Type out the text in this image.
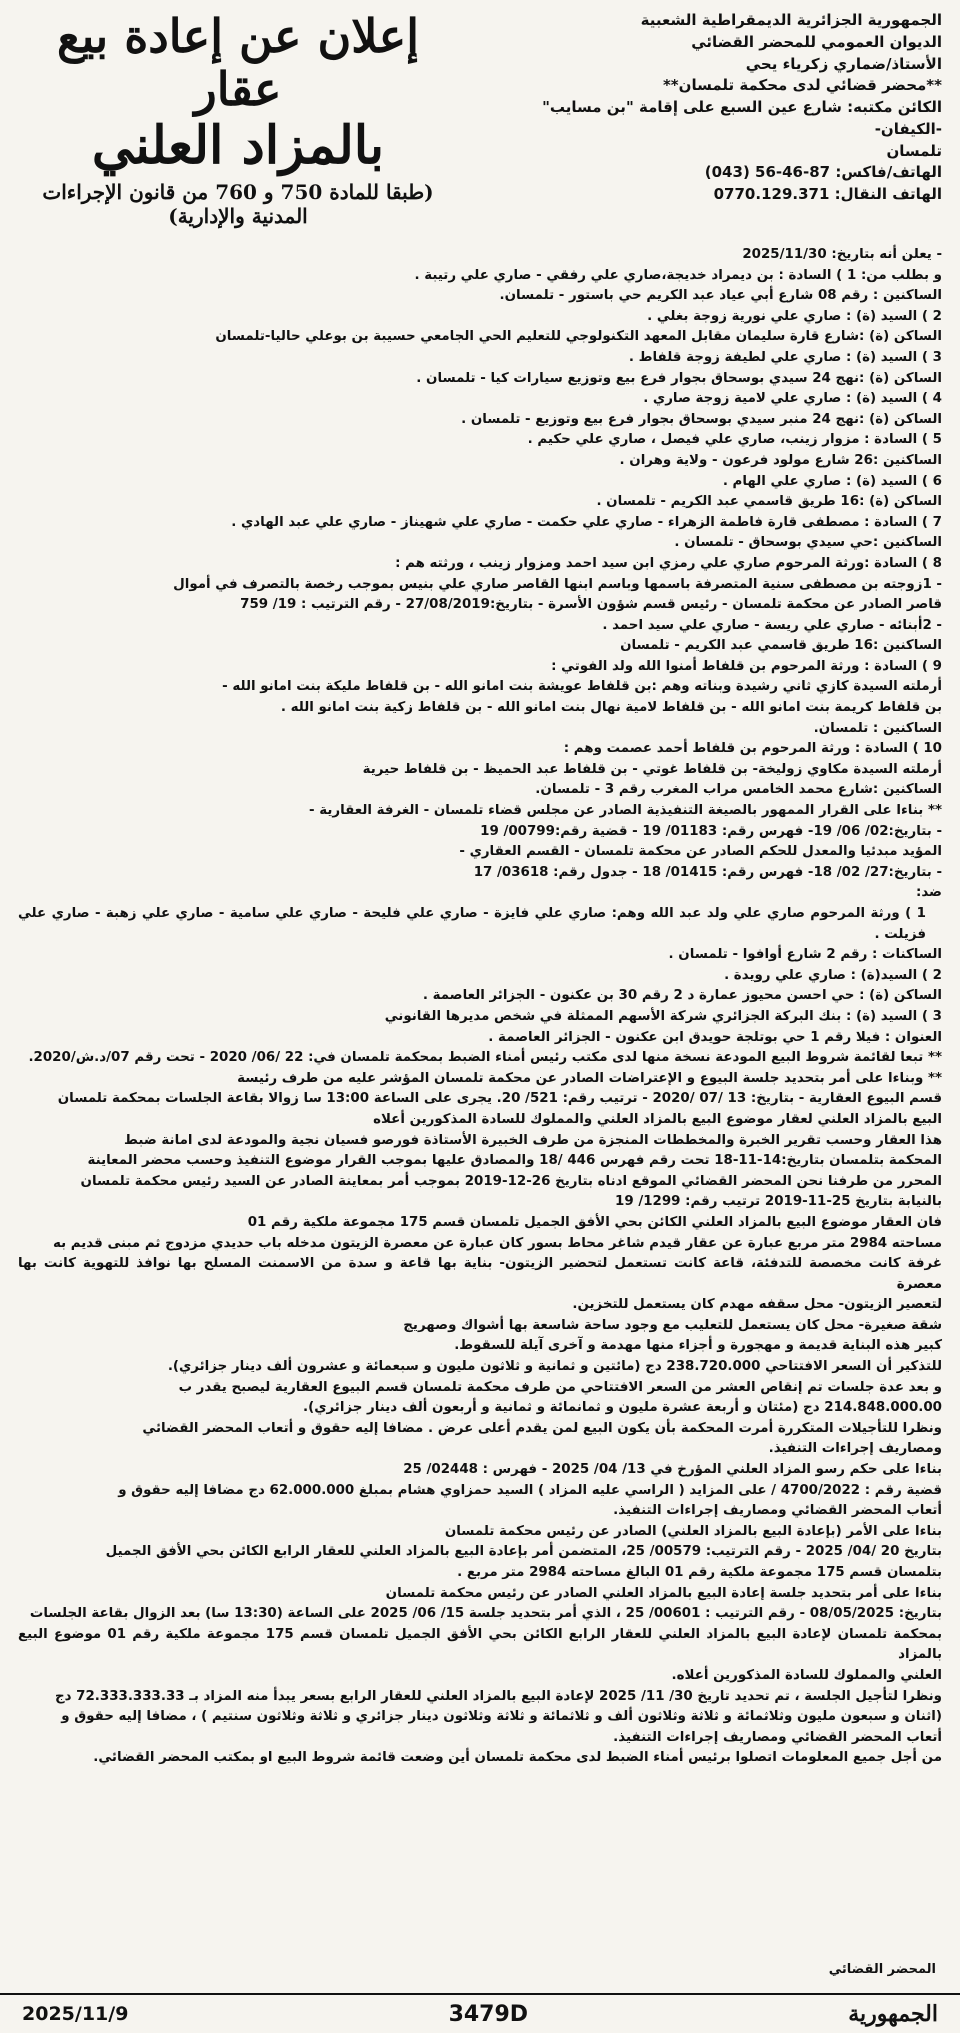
الجمهورية الجزائرية الديمقراطية الشعبية
الديوان العمومي للمحضر القضائي
الأستاذ/ضماري زكرياء يحي
**محضر قضائي لدى محكمة تلمسان**
الكائن مكتبه: شارع عين السبع على إقامة "بن مسايب" -الكيفان-
تلمسان
الهاتف/فاكس: 87-46-56 (043)
الهاتف النقال: 0770.129.371
إعلان عن إعادة بيع عقار
بالمزاد العلني
(طبقا للمادة 750 و 760 من قانون الإجراءات المدنية والإدارية)

- يعلن أنه بتاريخ: 2025/11/30

و بطلب من: 1 ) السادة : بن ديمراد خديجة،صاري علي رفقي - صاري علي رتيبة .

الساكنين : رقم 08 شارع أبي عياد عبد الكريم حي باستور - تلمسان.

2 ) السيد (ة) : صاري علي نورية زوجة بغلي .

الساكن (ة) :شارع قارة سليمان مقابل المعهد التكنولوجي للتعليم الحي الجامعي حسيبة بن بوعلي حاليا-تلمسان

3 ) السيد (ة) : صاري علي لطيفة زوجة قلفاط .

الساكن (ة) :نهج 24 سيدي بوسحاق بجوار فرع بيع وتوزيع سيارات كيا - تلمسان .

4 ) السيد (ة) : صاري علي لامية زوجة صاري .

الساكن (ة) :نهج 24 منبر سيدي بوسحاق بجوار فرع بيع وتوزيع - تلمسان .

5 ) السادة : مزوار زينب، صاري علي فيصل ، صاري علي حكيم .

الساكنين :26 شارع مولود فرعون - ولاية وهران .

6 ) السيد (ة) : صاري علي الهام .

الساكن (ة) :16 طريق قاسمي عبد الكريم - تلمسان .

7 ) السادة : مصطفى قارة فاطمة الزهراء - صاري علي حكمت - صاري علي شهيناز - صاري علي عبد الهادي .

الساكنين :حي سيدي بوسحاق - تلمسان .

8 ) السادة :ورثة المرحوم صاري علي رمزي ابن سيد احمد ومزوار زينب ، ورثته هم :

- 1زوجته بن مصطفى سنية المتصرفة باسمها وباسم ابنها القاصر صاري علي بنيس بموجب رخصة بالتصرف في أموال

قاصر الصادر عن محكمة تلمسان - رئيس قسم شؤون الأسرة - بتاريخ:27/08/2019 - رقم الترتيب : 19/ 759

- 2أبنائه - صاري علي ريسة - صاري علي سيد احمد .

الساكنين :16 طريق قاسمي عبد الكريم - تلمسان

9 ) السادة : ورثة المرحوم بن قلفاط أمنوا الله ولد الفوتي :

أرملته السيدة كازي ثاني رشيدة وبناته وهم :بن قلفاط عويشة بنت امانو الله - بن قلفاط مليكة بنت امانو الله -

بن قلفاط كريمة بنت امانو الله - بن قلفاط لامية نهال بنت امانو الله - بن قلفاط زكية بنت امانو الله .

الساكنين : تلمسان.

10 ) السادة : ورثة المرحوم بن قلفاط أحمد عصمت وهم :

أرملته السيدة مكاوي زوليخة- بن قلفاط غوتي - بن قلفاط عبد الحميظ - بن قلفاط حيرية

الساكنين :شارع محمد الخامس مراب المغرب رقم 3 - تلمسان.

** بناءا على القرار الممهور بالصيغة التنفيذية الصادر عن مجلس قضاء تلمسان - الغرفة العقارية -

- بتاريخ:02/ 06/ 19- فهرس رقم: 01183/ 19 - قضية رقم:00799/ 19

المؤيد مبدئيا والمعدل للحكم الصادر عن محكمة تلمسان - القسم العقاري -

- بتاريخ:27/ 02/ 18- فهرس رقم: 01415/ 18 - جدول رقم: 03618/ 17

ضد:

1 ) ورثة المرحوم صاري علي ولد عبد الله وهم: صاري علي فايزة - صاري علي فليحة - صاري علي سامية - صاري علي زهبة - صاري علي فزيلت .

الساكنات : رقم 2 شارع أوافوا - تلمسان .

2 ) السيد(ة) : صاري علي رويدة .

الساكن (ة) : حي احسن محيوز عمارة د 2 رقم 30 بن عكنون - الجزائر العاصمة .

3 ) السيد (ة) : بنك البركة الجزائري شركة الأسهم الممثلة في شخص مديرها القانوني

العنوان : فيلا رقم 1 حي بوتلجة حويدق ابن عكنون - الجزائر العاصمة .

** تبعا لقائمة شروط البيع المودعة نسخة منها لدى مكتب رئيس أمناء الضبط بمحكمة تلمسان في: 22 /06/ 2020 - تحت رقم 07/د.ش/2020.

** وبناءا على أمر بتحديد جلسة البيوع و الإعتراضات الصادر عن محكمة تلمسان المؤشر عليه من طرف رئيسة

قسم البيوع العقارية - بتاريخ: 13 /07 /2020 - ترتيب رقم: 521/ 20. يجرى على الساعة 13:00 سا زوالا بقاعة الجلسات بمحكمة تلمسان

البيع بالمزاد العلني لعقار موضوع البيع بالمزاد العلني والمملوك للسادة المذكورين أعلاه

هذا العقار وحسب تقرير الخبرة والمخططات المنجزة من طرف الخبيرة الأستاذة فورصو فسيان نجية والمودعة لدى امانة ضبط

المحكمة بتلمسان بتاريخ:14-11-18 تحت رقم فهرس 446 /18 والمصادق عليها بموجب القرار موضوع التنفيذ وحسب محضر المعاينة

المحرر من طرفنا نحن المحضر القضائي الموقع ادناه بتاريخ 26-12-2019 بموجب أمر بمعاينة الصادر عن السيد رئيس محكمة تلمسان

بالنيابة بتاريخ 25-11-2019 ترتيب رقم: 1299/ 19

فان العقار موضوع البيع بالمزاد العلني الكائن بحي الأفق الجميل تلمسان قسم 175 مجموعة ملكية رقم 01

مساحته 2984 متر مربع عبارة عن عقار قيدم شاغر محاط بسور كان عبارة عن معصرة الزيتون مدخله باب حديدي مزدوج ثم مبنى قديم به

غرفة كانت مخصصة للتدفئة، قاعة كانت تستعمل لتحضير الزيتون- بناية بها قاعة و سدة من الاسمنت المسلح بها نوافذ للتهوية كانت بها معصرة

لتعصير الزيتون- محل سقفه مهدم كان يستعمل للتخزين.

شقة صغيرة- محل كان يستعمل للتعليب مع وجود ساحة شاسعة بها أشواك وصهريج

كبير هذه البناية قديمة و مهجورة و أجزاء منها مهدمة و آخرى آيلة للسقوط.

للتذكير أن السعر الافتتاحي 238.720.000 دج (مائتين و ثمانية و ثلاثون مليون و سبعمائة و عشرون ألف دينار جزائري).

و بعد عدة جلسات تم إنقاص العشر من السعر الافتتاحي من طرف محكمة تلمسان قسم البيوع العقارية ليصبح يقدر ب

214.848.000.00 دج (مئتان و أربعة عشرة مليون و ثمانمائة و ثمانية و أربعون ألف دينار جزائري).

ونظرا للتأجيلات المتكررة أمرت المحكمة بأن يكون البيع لمن يقدم أعلى عرض . مضافا إليه حقوق و أتعاب المحضر القضائي

ومصاريف إجراءات التنفيذ.

بناءا على حكم رسو المزاد العلني المؤرخ في 13/ 04/ 2025 - فهرس : 02448/ 25

قضية رقم : 4700/2022 / على المزايد ( الراسي عليه المزاد ) السيد حمزاوي هشام بمبلغ 62.000.000 دج مضافا إليه حقوق و

أتعاب المحضر القضائي ومصاريف إجراءات التنفيذ.

بناءا على الأمر (بإعادة البيع بالمزاد العلني) الصادر عن رئيس محكمة تلمسان

بتاريخ 20 /04/ 2025 - رقم الترتيب: 00579/ 25، المتضمن أمر بإعادة البيع بالمزاد العلني للعقار الرابع الكائن بحي الأفق الجميل

بتلمسان قسم 175 مجموعة ملكية رقم 01 البالغ مساحته 2984 متر مربع .

بناءا على أمر بتحديد جلسة إعادة البيع بالمزاد العلني الصادر عن رئيس محكمة تلمسان

بتاريخ: 08/05/2025 - رقم الترتيب : 00601/ 25 ، الذي أمر بتحديد جلسة 15/ 06/ 2025 على الساعة (13:30 سا) بعد الزوال بقاعة الجلسات

بمحكمة تلمسان لإعادة البيع بالمزاد العلني للعقار الرابع الكائن بحي الأفق الجميل تلمسان قسم 175 مجموعة ملكية رقم 01 موضوع البيع بالمزاد

العلني والمملوك للسادة المذكورين أعلاه.

ونظرا لتأجيل الجلسة ، تم تحديد تاريخ 30/ 11/ 2025 لإعادة البيع بالمزاد العلني للعقار الرابع بسعر يبدأ منه المزاد بـ 72.333.333.33 دج

(اثنان و سبعون مليون وثلاثمائة و ثلاثة وثلاثون ألف و ثلاثمائة و ثلاثة وثلاثون دينار جزائري و ثلاثة وثلاثون سنتيم ) ، مضافا إليه حقوق و

أتعاب المحضر القضائي ومصاريف إجراءات التنفيذ.

من أجل جميع المعلومات اتصلوا برئيس أمناء الضبط لدى محكمة تلمسان أين وضعت قائمة شروط البيع او بمكتب المحضر القضائي.

المحضر القضائي
2025/11/9	3479D	الجمهورية
